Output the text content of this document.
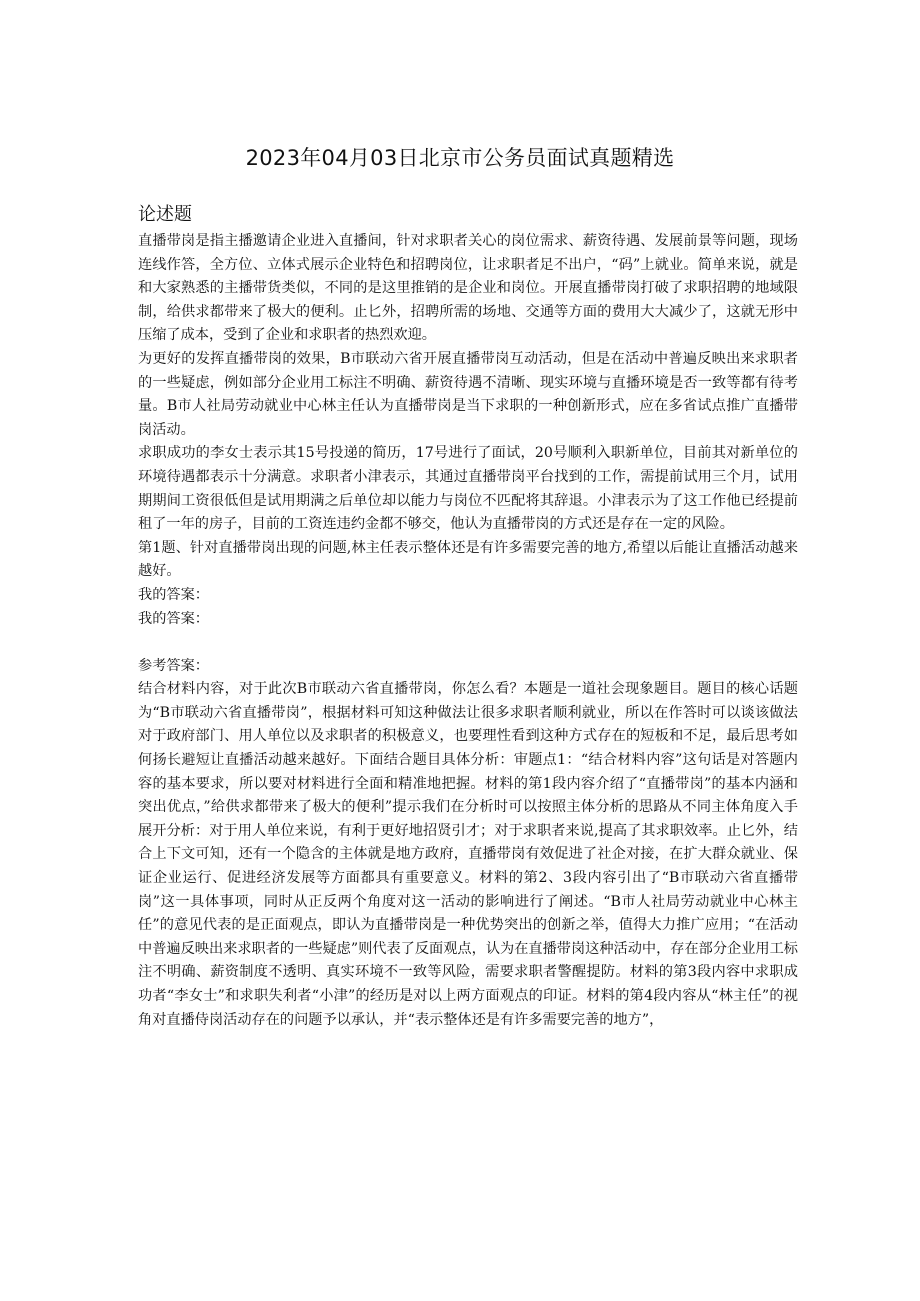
2023年04月03日北京市公务员面试真题精选
论述题

直播带岗是指主播邀请企业进入直播间，针对求职者关心的岗位需求、薪资待遇、发展前景等问题，现场连线作答，全方位、立体式展示企业特色和招聘岗位，让求职者足不出户，“码”上就业。简单来说，就是和大家熟悉的主播带货类似，不同的是这里推销的是企业和岗位。开展直播带岗打破了求职招聘的地域限制，给供求都带来了极大的便利。止匕外，招聘所需的场地、交通等方面的费用大大减少了，这就无形中压缩了成本，受到了企业和求职者的热烈欢迎。

为更好的发挥直播带岗的效果，B市联动六省开展直播带岗互动活动，但是在活动中普遍反映出来求职者的一些疑虑，例如部分企业用工标注不明确、薪资待遇不清晰、现实环境与直播环境是否一致等都有待考量。B市人社局劳动就业中心林主任认为直播带岗是当下求职的一种创新形式，应在多省试点推广直播带岗活动。

求职成功的李女士表示其15号投递的简历，17号进行了面试，20号顺利入职新单位，目前其对新单位的环境待遇都表示十分满意。求职者小津表示，其通过直播带岗平台找到的工作，需提前试用三个月，试用期期间工资很低但是试用期满之后单位却以能力与岗位不匹配将其辞退。小津表示为了这工作他已经提前租了一年的房子，目前的工资连违约金都不够交，他认为直播带岗的方式还是存在一定的风险。

第1题、针对直播带岗出现的问题,林主任表示整体还是有许多需要完善的地方,希望以后能让直播活动越来越好。

我的答案：

我的答案：

参考答案：

结合材料内容，对于此次B市联动六省直播带岗，你怎么看？本题是一道社会现象题目。题目的核心话题为“B市联动六省直播带岗”，根据材料可知这种做法让很多求职者顺利就业，所以在作答时可以谈该做法对于政府部门、用人单位以及求职者的积极意义，也要理性看到这种方式存在的短板和不足，最后思考如何扬长避短让直播活动越来越好。下面结合题目具体分析：审题点1：“结合材料内容”这句话是对答题内容的基本要求，所以要对材料进行全面和精准地把握。材料的第1段内容介绍了“直播带岗”的基本内涵和突出优点，”给供求都带来了极大的便利”提示我们在分析时可以按照主体分析的思路从不同主体角度入手展开分析：对于用人单位来说，有利于更好地招贤引才；对于求职者来说,提高了其求职效率。止匕外，结合上下文可知，还有一个隐含的主体就是地方政府，直播带岗有效促进了社企对接，在扩大群众就业、保证企业运行、促进经济发展等方面都具有重要意义。材料的第2、3段内容引出了“B市联动六省直播带岗”这一具体事项，同时从正反两个角度对这一活动的影响进行了阐述。“B市人社局劳动就业中心林主任”的意见代表的是正面观点，即认为直播带岗是一种优势突出的创新之举，值得大力推广应用；“在活动中普遍反映出来求职者的一些疑虑”则代表了反面观点，认为在直播带岗这种活动中，存在部分企业用工标注不明确、薪资制度不透明、真实环境不一致等风险，需要求职者警醒提防。材料的第3段内容中求职成功者“李女士”和求职失利者“小津”的经历是对以上两方面观点的印证。材料的第4段内容从“林主任”的视角对直播侍岗活动存在的问题予以承认，并“表示整体还是有许多需要完善的地方”，
